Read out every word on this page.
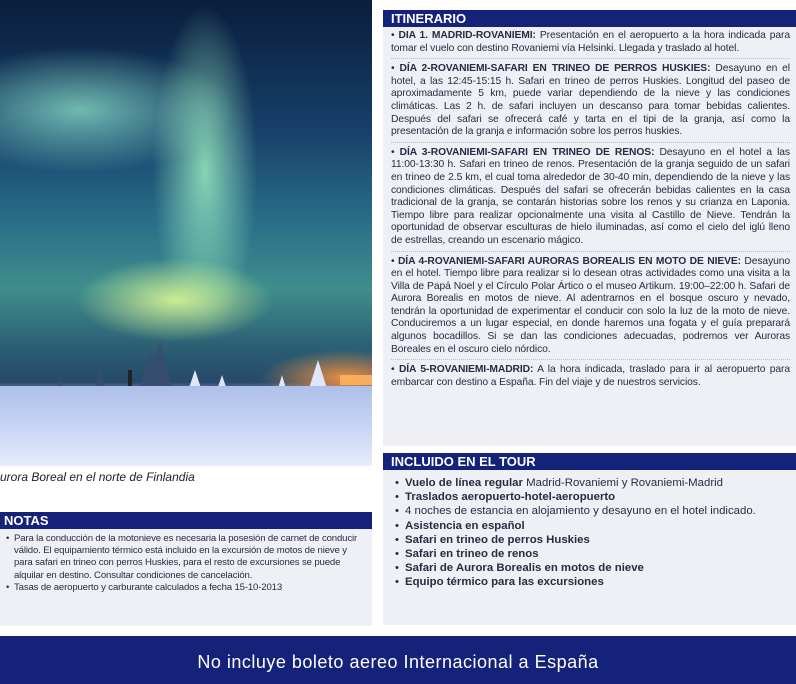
urora Boreal en el norte de Finlandia
NOTAS
• Para la conducción de la motonieve es necesaria la posesión de carnet de conducir válido. El equipamiento térmico está incluido en la excursión de motos de nieve y para safari en trineo con perros Huskies, para el resto de excursiones se puede alquilar en destino. Consultar condiciones de cancelación.
• Tasas de aeropuerto y carburante calculados a fecha 15-10-2013
ITINERARIO
• DIA 1. MADRID-ROVANIEMI: Presentación en el aeropuerto a la hora indicada para tomar el vuelo con destino Rovaniemi vía Helsinki. Llegada y traslado al hotel.
• DÍA 2-ROVANIEMI-SAFARI EN TRINEO DE PERROS HUSKIES: Desayuno en el hotel, a las 12:45-15:15 h. Safari en trineo de perros Huskies. Longitud del paseo de aproximadamente 5 km, puede variar dependiendo de la nieve y las condiciones climáticas. Las 2 h. de safari incluyen un descanso para tomar bebidas calientes. Después del safari se ofrecerá café y tarta en el tipi de la granja, así como la presentación de la granja e información sobre los perros huskies.
• DÍA 3-ROVANIEMI-SAFARI EN TRINEO DE RENOS: Desayuno en el hotel a las 11:00-13:30 h. Safari en trineo de renos. Presentación de la granja seguido de un safari en trineo de 2.5 km, el cual toma alrededor de 30-40 min, dependiendo de la nieve y las condiciones climáticas. Después del safari se ofrecerán bebidas calientes en la casa tradicional de la granja, se contarán historias sobre los renos y su crianza en Laponia. Tiempo libre para realizar opcionalmente una visita al Castillo de Nieve. Tendrán la oportunidad de observar esculturas de hielo iluminadas, así como el cielo del iglú lleno de estrellas, creando un escenario mágico.
• DÍA 4-ROVANIEMI-SAFARI AURORAS BOREALIS EN MOTO DE NIEVE: Desayuno en el hotel. Tiempo libre para realizar si lo desean otras actividades como una visita a la Villa de Papá Noel y el Círculo Polar Ártico o el museo Artikum. 19:00–22:00 h. Safari de Aurora Borealis en motos de nieve. Al adentrarnos en el bosque oscuro y nevado, tendrán la oportunidad de experimentar el conducir con solo la luz de la moto de nieve. Conduciremos a un lugar especial, en donde haremos una fogata y el guía preparará algunos bocadillos. Si se dan las condiciones adecuadas, podremos ver Auroras Boreales en el oscuro cielo nórdico.
• DÍA 5-ROVANIEMI-MADRID: A la hora indicada, traslado para ir al aeropuerto para embarcar con destino a España. Fin del viaje y de nuestros servicios.
INCLUIDO EN EL TOUR
• Vuelo de línea regular Madrid-Rovaniemi y Rovaniemi-Madrid
• Traslados aeropuerto-hotel-aeropuerto
• 4 noches de estancia en alojamiento y desayuno en el hotel indicado.
• Asistencia en español
• Safari en trineo de perros Huskies
• Safari en trineo de renos
• Safari de Aurora Borealis en motos de nieve
• Equipo térmico para las excursiones
No incluye boleto aereo Internacional a España
